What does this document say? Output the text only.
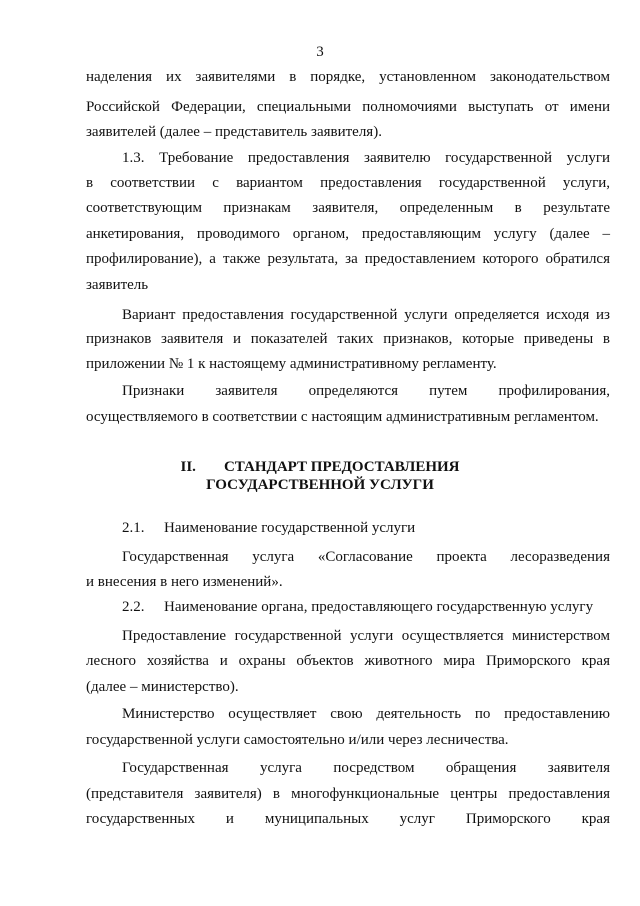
3
наделения их заявителями в порядке, установленном законодательством
Российской Федерации, специальными полномочиями выступать от имени
заявителей (далее – представитель заявителя).
1.3. Требование предоставления заявителю государственной услуги
в соответствии с вариантом предоставления государственной услуги,
соответствующим признакам заявителя, определенным в результате
анкетирования, проводимого органом, предоставляющим услугу (далее –
профилирование), а также результата, за предоставлением которого обратился
заявитель
Вариант предоставления государственной услуги определяется исходя из
признаков заявителя и показателей таких признаков, которые приведены в
приложении № 1 к настоящему административному регламенту.
Признаки заявителя определяются путем профилирования,
осуществляемого в соответствии с настоящим административным регламентом.
II. СТАНДАРТ ПРЕДОСТАВЛЕНИЯ
ГОСУДАРСТВЕННОЙ УСЛУГИ
2.1. Наименование государственной услуги
Государственная услуга «Согласование проекта лесоразведения
и внесения в него изменений».
2.2. Наименование органа, предоставляющего государственную услугу
Предоставление государственной услуги осуществляется министерством
лесного хозяйства и охраны объектов животного мира Приморского края
(далее – министерство).
Министерство осуществляет свою деятельность по предоставлению
государственной услуги самостоятельно и/или через лесничества.
Государственная услуга посредством обращения заявителя
(представителя заявителя) в многофункциональные центры предоставления
государственных и муниципальных услуг Приморского края
